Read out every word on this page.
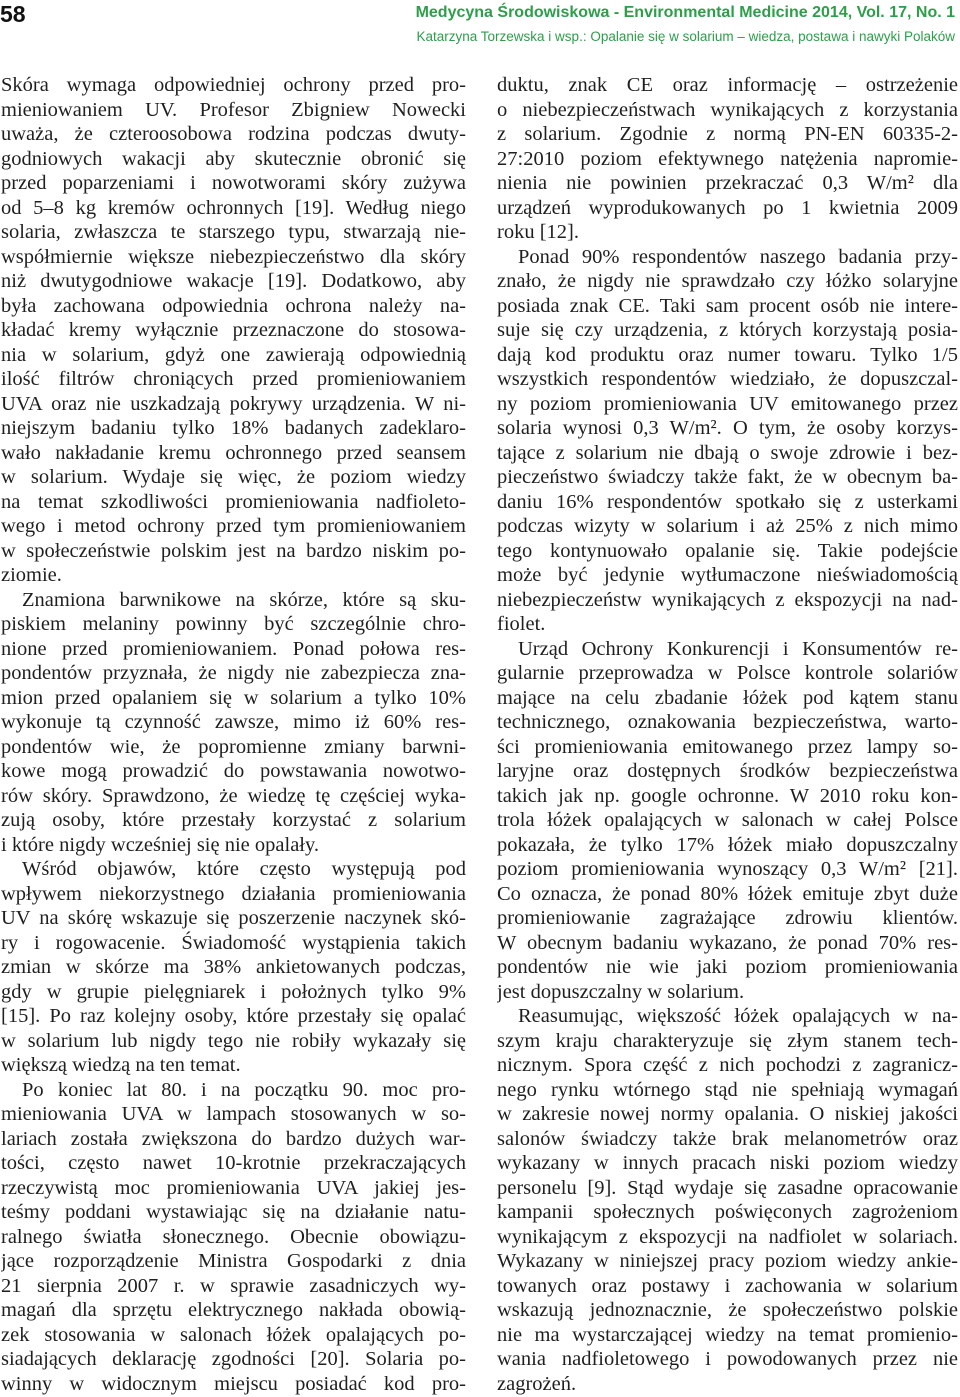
58	Medycyna Środowiskowa - Environmental Medicine 2014, Vol. 17, No. 1
Katarzyna Torzewska i wsp.: Opalanie się w solarium – wiedza, postawa i nawyki Polaków
Skóra wymaga odpowiedniej ochrony przed pro-
mieniowaniem UV. Profesor Zbigniew Nowecki
uważa, że czteroosobowa rodzina podczas dwuty-
godniowych wakacji aby skutecznie obronić się
przed poparzeniami i nowotworami skóry zużywa
od 5–8 kg kremów ochronnych [19]. Według niego
solaria, zwłaszcza te starszego typu, stwarzają nie-
współmiernie większe niebezpieczeństwo dla skóry
niż dwutygodniowe wakacje [19]. Dodatkowo, aby
była zachowana odpowiednia ochrona należy na-
kładać kremy wyłącznie przeznaczone do stosowa-
nia w solarium, gdyż one zawierają odpowiednią
ilość filtrów chroniących przed promieniowaniem
UVA oraz nie uszkadzają pokrywy urządzenia. W ni-
niejszym badaniu tylko 18% badanych zadeklaro-
wało nakładanie kremu ochronnego przed seansem
w solarium. Wydaje się więc, że poziom wiedzy
na temat szkodliwości promieniowania nadfioleto-
wego i metod ochrony przed tym promieniowaniem
w społeczeństwie polskim jest na bardzo niskim po-
ziomie.
Znamiona barwnikowe na skórze, które są sku-
piskiem melaniny powinny być szczególnie chro-
nione przed promieniowaniem. Ponad połowa res-
pondentów przyznała, że nigdy nie zabezpiecza zna-
mion przed opalaniem się w solarium a tylko 10%
wykonuje tą czynność zawsze, mimo iż 60% res-
pondentów wie, że popromienne zmiany barwni-
kowe mogą prowadzić do powstawania nowotwo-
rów skóry. Sprawdzono, że wiedzę tę częściej wyka-
zują osoby, które przestały korzystać z solarium
i które nigdy wcześniej się nie opalały.
Wśród objawów, które często występują pod
wpływem niekorzystnego działania promieniowania
UV na skórę wskazuje się poszerzenie naczynek skó-
ry i rogowacenie. Świadomość wystąpienia takich
zmian w skórze ma 38% ankietowanych podczas,
gdy w grupie pielęgniarek i położnych tylko 9%
[15]. Po raz kolejny osoby, które przestały się opalać
w solarium lub nigdy tego nie robiły wykazały się
większą wiedzą na ten temat.
Po koniec lat 80. i na początku 90. moc pro-
mieniowania UVA w lampach stosowanych w so-
lariach została zwiększona do bardzo dużych war-
tości, często nawet 10-krotnie przekraczających
rzeczywistą moc promieniowania UVA jakiej jes-
teśmy poddani wystawiając się na działanie natu-
ralnego światła słonecznego. Obecnie obowiązu-
jące rozporządzenie Ministra Gospodarki z dnia
21 sierpnia 2007 r. w sprawie zasadniczych wy-
magań dla sprzętu elektrycznego nakłada obowią-
zek stosowania w salonach łóżek opalających po-
siadających deklarację zgodności [20]. Solaria po-
winny w widocznym miejscu posiadać kod pro-
duktu, znak CE oraz informację – ostrzeżenie
o niebezpieczeństwach wynikających z korzystania
z solarium. Zgodnie z normą PN-EN 60335-2-
27:2010 poziom efektywnego natężenia napromie-
nienia nie powinien przekraczać 0,3 W/m² dla
urządzeń wyprodukowanych po 1 kwietnia 2009
roku [12].
Ponad 90% respondentów naszego badania przy-
znało, że nigdy nie sprawdzało czy łóżko solaryjne
posiada znak CE. Taki sam procent osób nie intere-
suje się czy urządzenia, z których korzystają posia-
dają kod produktu oraz numer towaru. Tylko 1/5
wszystkich respondentów wiedziało, że dopuszczal-
ny poziom promieniowania UV emitowanego przez
solaria wynosi 0,3 W/m². O tym, że osoby korzys-
tające z solarium nie dbają o swoje zdrowie i bez-
pieczeństwo świadczy także fakt, że w obecnym ba-
daniu 16% respondentów spotkało się z usterkami
podczas wizyty w solarium i aż 25% z nich mimo
tego kontynuowało opalanie się. Takie podejście
może być jedynie wytłumaczone nieświadomością
niebezpieczeństw wynikających z ekspozycji na nad-
fiolet.
Urząd Ochrony Konkurencji i Konsumentów re-
gularnie przeprowadza w Polsce kontrole solariów
mające na celu zbadanie łóżek pod kątem stanu
technicznego, oznakowania bezpieczeństwa, warto-
ści promieniowania emitowanego przez lampy so-
laryjne oraz dostępnych środków bezpieczeństwa
takich jak np. google ochronne. W 2010 roku kon-
trola łóżek opalających w salonach w całej Polsce
pokazała, że tylko 17% łóżek miało dopuszczalny
poziom promieniowania wynoszący 0,3 W/m² [21].
Co oznacza, że ponad 80% łóżek emituje zbyt duże
promieniowanie zagrażające zdrowiu klientów.
W obecnym badaniu wykazano, że ponad 70% res-
pondentów nie wie jaki poziom promieniowania
jest dopuszczalny w solarium.
Reasumując, większość łóżek opalających w na-
szym kraju charakteryzuje się złym stanem tech-
nicznym. Spora część z nich pochodzi z zagranicz-
nego rynku wtórnego stąd nie spełniają wymagań
w zakresie nowej normy opalania. O niskiej jakości
salonów świadczy także brak melanometrów oraz
wykazany w innych pracach niski poziom wiedzy
personelu [9]. Stąd wydaje się zasadne opracowanie
kampanii społecznych poświęconych zagrożeniom
wynikającym z ekspozycji na nadfiolet w solariach.
Wykazany w niniejszej pracy poziom wiedzy ankie-
towanych oraz postawy i zachowania w solarium
wskazują jednoznacznie, że społeczeństwo polskie
nie ma wystarczającej wiedzy na temat promienio-
wania nadfioletowego i powodowanych przez nie
zagrożeń.
